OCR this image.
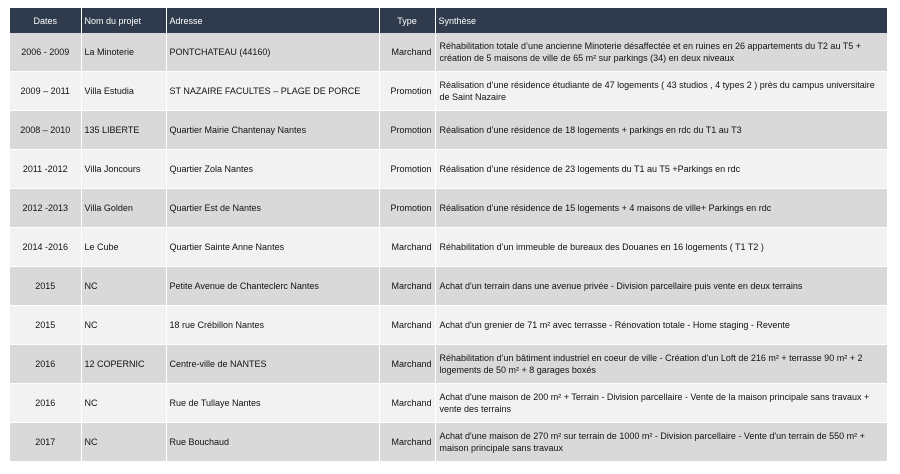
Dates	Nom du projet	Adresse	Type	Synthèse
2006 - 2009	La Minoterie	PONTCHATEAU (44160)	Marchand	Réhabilitation totale d’une ancienne Minoterie désaffectée et en ruines en 26 appartements du T2 au T5 + création de 5 maisons de ville de 65 m² sur parkings (34) en deux niveaux
2009 – 2011	Villa Estudia	ST NAZAIRE FACULTES – PLAGE DE PORCE	Promotion	Réalisation d’une résidence étudiante de 47 logements ( 43 studios , 4 types 2 ) près du campus universitaire de Saint Nazaire
2008 – 2010	135 LIBERTE	Quartier Mairie Chantenay Nantes	Promotion	Réalisation d’une résidence de 18 logements + parkings en rdc du T1 au T3
2011 -2012	Villa Joncours	Quartier Zola Nantes	Promotion	Réalisation d’une résidence de 23 logements du T1 au T5 +Parkings en rdc
2012 -2013	Villa Golden	Quartier Est de Nantes	Promotion	Réalisation d’une résidence de 15 logements + 4 maisons de ville+ Parkings en rdc
2014 -2016	Le Cube	Quartier Sainte Anne Nantes	Marchand	Réhabilitation d’un immeuble de bureaux des Douanes en 16 logements ( T1 T2 )
2015	NC	Petite Avenue de Chanteclerc Nantes	Marchand	Achat d'un terrain dans une avenue privée - Division parcellaire puis vente en deux terrains
2015	NC	18 rue Crébillon Nantes	Marchand	Achat d'un grenier de 71 m² avec terrasse - Rénovation totale - Home staging - Revente
2016	12 COPERNIC	Centre-ville de NANTES	Marchand	Réhabilitation d’un bâtiment industriel en coeur de ville - Création d'un Loft de 216 m² + terrasse 90 m² + 2 logements de 50 m² + 8 garages boxés
2016	NC	Rue de Tullaye Nantes	Marchand	Achat d'une maison de 200 m² + Terrain - Division parcellaire - Vente de la maison principale sans travaux + vente des terrains
2017	NC	Rue Bouchaud	Marchand	Achat d'une maison de 270 m² sur terrain de 1000 m² - Division parcellaire - Vente d'un terrain de 550 m² + maison principale sans travaux
